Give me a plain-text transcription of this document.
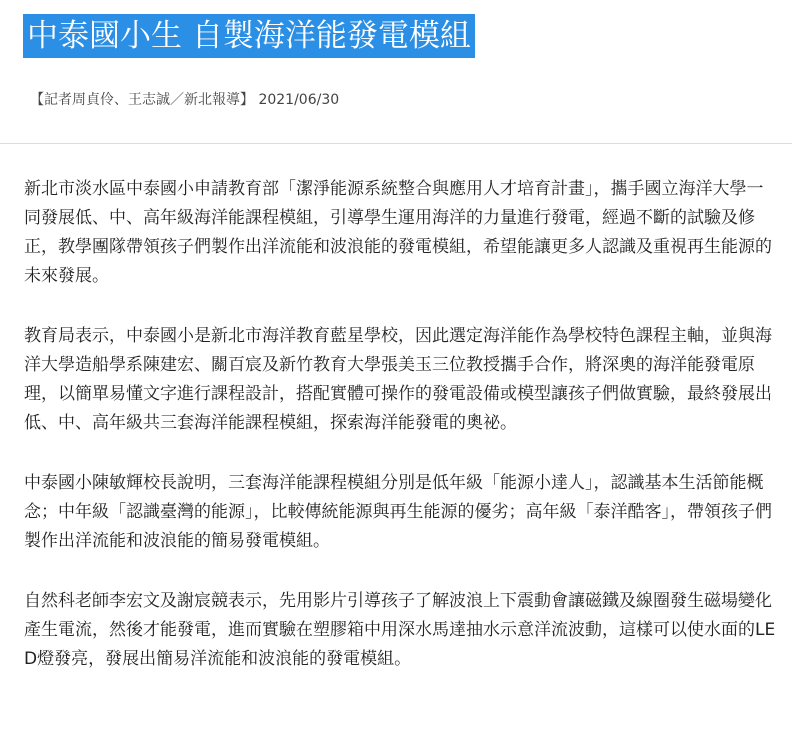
中泰國小生 自製海洋能發電模組
【記者周貞伶、王志誠／新北報導】 2021/06/30

新北市淡水區中泰國小申請教育部「潔淨能源系統整合與應用人才培育計畫」，攜手國立海洋大學一同發展低、中、高年級海洋能課程模組，引導學生運用海洋的力量進行發電，經過不斷的試驗及修正，教學團隊帶領孩子們製作出洋流能和波浪能的發電模組，希望能讓更多人認識及重視再生能源的未來發展。

教育局表示，中泰國小是新北市海洋教育藍星學校，因此選定海洋能作為學校特色課程主軸，並與海洋大學造船學系陳建宏、關百宸及新竹教育大學張美玉三位教授攜手合作，將深奧的海洋能發電原理，以簡單易懂文字進行課程設計，搭配實體可操作的發電設備或模型讓孩子們做實驗，最終發展出低、中、高年級共三套海洋能課程模組，探索海洋能發電的奧祕。

中泰國小陳敏輝校長說明，三套海洋能課程模組分別是低年級「能源小達人」，認識基本生活節能概念；中年級「認識臺灣的能源」，比較傳統能源與再生能源的優劣；高年級「泰洋酷客」，帶領孩子們製作出洋流能和波浪能的簡易發電模組。

自然科老師李宏文及謝宸競表示，先用影片引導孩子了解波浪上下震動會讓磁鐵及線圈發生磁場變化產生電流，然後才能發電，進而實驗在塑膠箱中用深水馬達抽水示意洋流波動，這樣可以使水面的LED燈發亮，發展出簡易洋流能和波浪能的發電模組。
